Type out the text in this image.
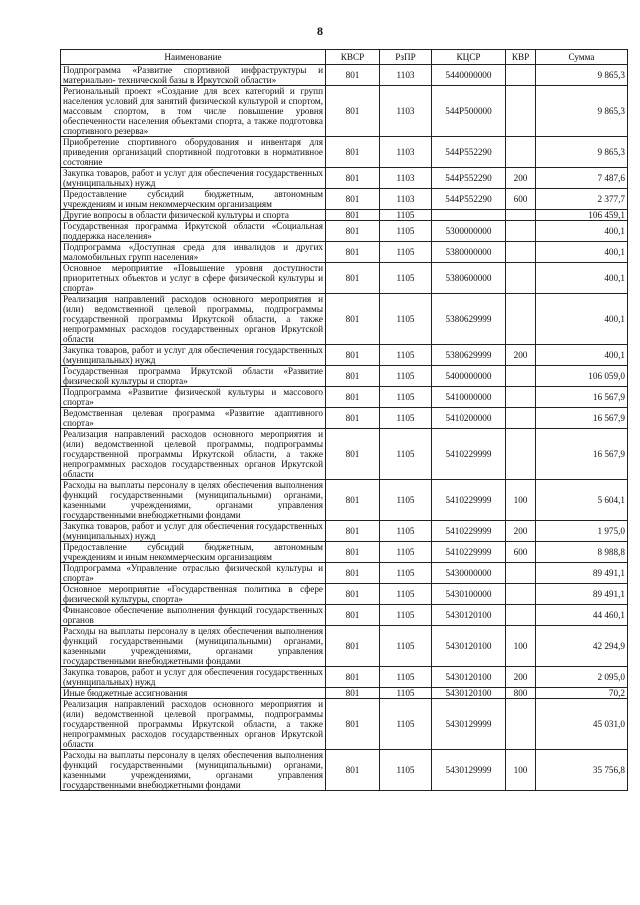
8
Наименование	КВСР	РзПР	КЦСР	КВР	Сумма
Подпрограмма «Развитие спортивной инфраструктуры и материально- технической базы в Иркутской области»	801	1103	5440000000		9 865,3
Региональный проект «Создание для всех категорий и групп населения условий для занятий физической культурой и спортом, массовым спортом, в том числе повышение уровня обеспеченности населения объектами спорта, а также подготовка спортивного резерва»	801	1103	544P500000		9 865,3
Приобретение спортивного оборудования и инвентаря для приведения организаций спортивной подготовки в нормативное состояние	801	1103	544P552290		9 865,3
Закупка товаров, работ и услуг для обеспечения государственных (муниципальных) нужд	801	1103	544P552290	200	7 487,6
Предоставление субсидий бюджетным, автономным учреждениям и иным некоммерческим организациям	801	1103	544P552290	600	2 377,7
Другие вопросы в области физической культуры и спорта	801	1105			106 459,1
Государственная программа Иркутской области «Социальная поддержка населения»	801	1105	5300000000		400,1
Подпрограмма «Доступная среда для инвалидов и других маломобильных групп населения»	801	1105	5380000000		400,1
Основное мероприятие «Повышение уровня доступности приоритетных объектов и услуг в сфере физической культуры и спорта»	801	1105	5380600000		400,1
Реализация направлений расходов основного мероприятия и (или) ведомственной целевой программы, подпрограммы государственной программы Иркутской области, а также непрограммных расходов государственных органов Иркутской области	801	1105	5380629999		400,1
Закупка товаров, работ и услуг для обеспечения государственных (муниципальных) нужд	801	1105	5380629999	200	400,1
Государственная программа Иркутской области «Развитие физической культуры и спорта»	801	1105	5400000000		106 059,0
Подпрограмма «Развитие физической культуры и массового спорта»	801	1105	5410000000		16 567,9
Ведомственная целевая программа «Развитие адаптивного спорта»	801	1105	5410200000		16 567,9
Реализация направлений расходов основного мероприятия и (или) ведомственной целевой программы, подпрограммы государственной программы Иркутской области, а также непрограммных расходов государственных органов Иркутской области	801	1105	5410229999		16 567,9
Расходы на выплаты персоналу в целях обеспечения выполнения функций государственными (муниципальными) органами, казенными учреждениями, органами управления государственными внебюджетными фондами	801	1105	5410229999	100	5 604,1
Закупка товаров, работ и услуг для обеспечения государственных (муниципальных) нужд	801	1105	5410229999	200	1 975,0
Предоставление субсидий бюджетным, автономным учреждениям и иным некоммерческим организациям	801	1105	5410229999	600	8 988,8
Подпрограмма «Управление отраслью физической культуры и спорта»	801	1105	5430000000		89 491,1
Основное мероприятие «Государственная политика в сфере физической культуры, спорта»	801	1105	5430100000		89 491,1
Финансовое обеспечение выполнения функций государственных органов	801	1105	5430120100		44 460,1
Расходы на выплаты персоналу в целях обеспечения выполнения функций государственными (муниципальными) органами, казенными учреждениями, органами управления государственными внебюджетными фондами	801	1105	5430120100	100	42 294,9
Закупка товаров, работ и услуг для обеспечения государственных (муниципальных) нужд	801	1105	5430120100	200	2 095,0
Иные бюджетные ассигнования	801	1105	5430120100	800	70,2
Реализация направлений расходов основного мероприятия и (или) ведомственной целевой программы, подпрограммы государственной программы Иркутской области, а также непрограммных расходов государственных органов Иркутской области	801	1105	5430129999		45 031,0
Расходы на выплаты персоналу в целях обеспечения выполнения функций государственными (муниципальными) органами, казенными учреждениями, органами управления государственными внебюджетными фондами	801	1105	5430129999	100	35 756,8
